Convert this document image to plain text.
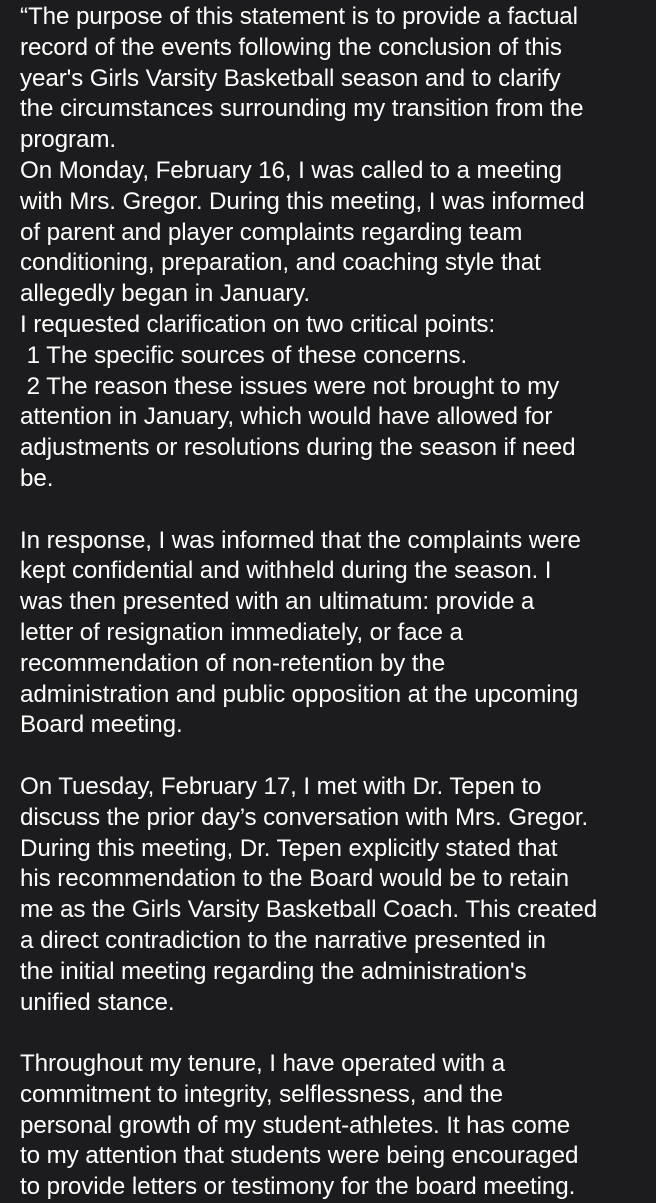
“The purpose of this statement is to provide a factual
record of the events following the conclusion of this
year's Girls Varsity Basketball season and to clarify
the circumstances surrounding my transition from the
program.
On Monday, February 16, I was called to a meeting
with Mrs. Gregor. During this meeting, I was informed
of parent and player complaints regarding team
conditioning, preparation, and coaching style that
allegedly began in January.
I requested clarification on two critical points:
1 The specific sources of these concerns.
2 The reason these issues were not brought to my
attention in January, which would have allowed for
adjustments or resolutions during the season if need
be.
In response, I was informed that the complaints were
kept confidential and withheld during the season. I
was then presented with an ultimatum: provide a
letter of resignation immediately, or face a
recommendation of non-retention by the
administration and public opposition at the upcoming
Board meeting.
On Tuesday, February 17, I met with Dr. Tepen to
discuss the prior day’s conversation with Mrs. Gregor.
During this meeting, Dr. Tepen explicitly stated that
his recommendation to the Board would be to retain
me as the Girls Varsity Basketball Coach. This created
a direct contradiction to the narrative presented in
the initial meeting regarding the administration's
unified stance.
Throughout my tenure, I have operated with a
commitment to integrity, selflessness, and the
personal growth of my student-athletes. It has come
to my attention that students were being encouraged
to provide letters or testimony for the board meeting.
